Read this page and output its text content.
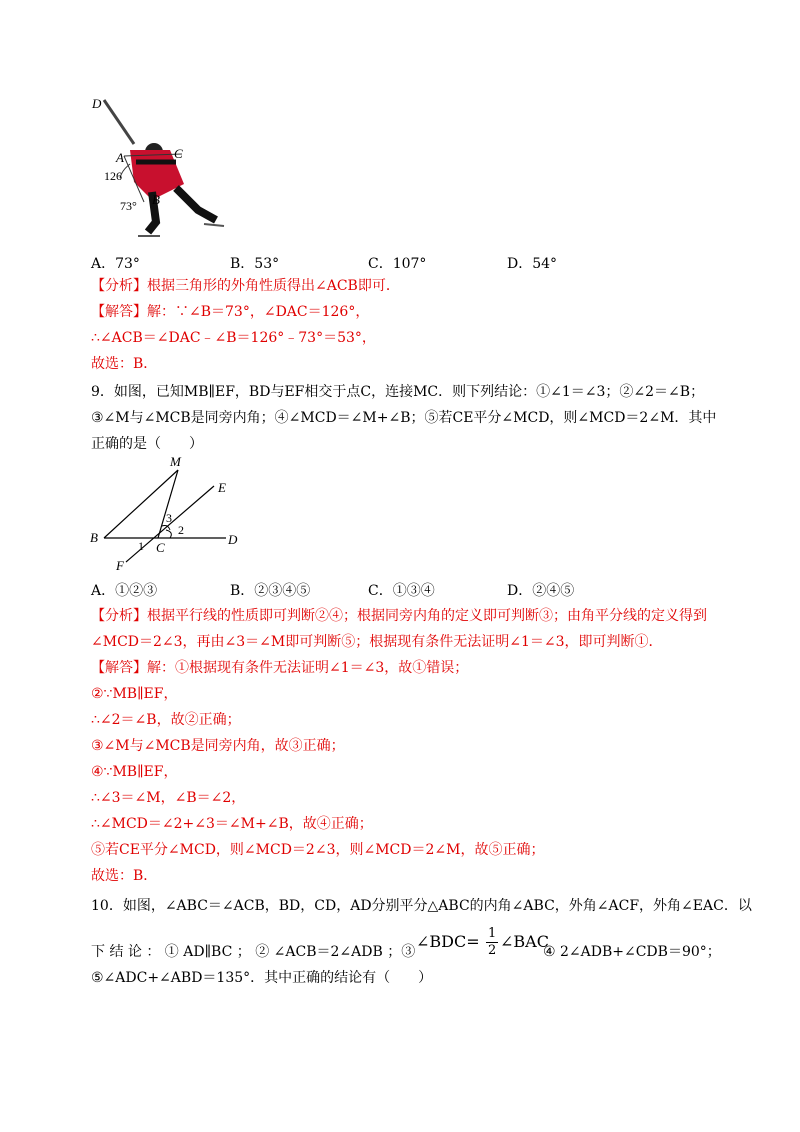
D
A	C
126
73° B
A．73°	B．53°	C．107°	D．54°
【分析】根据三角形的外角性质得出∠ACB即可．
【解答】解：∵∠B＝73°，∠DAC＝126°，
∴∠ACB＝∠DAC﹣∠B＝126°﹣73°＝53°，
故选：B．
9．如图，已知MB∥EF，BD与EF相交于点C，连接MC．则下列结论：①∠1＝∠3；②∠2＝∠B；
③∠M与∠MCB是同旁内角；④∠MCD＝∠M+∠B；⑤若CE平分∠MCD，则∠MCD＝2∠M．其中
正确的是（　　）
M
E
B	D
F
C
1
2
3
A．①②③	B．②③④⑤	C．①③④	D．②④⑤
【分析】根据平行线的性质即可判断②④；根据同旁内角的定义即可判断③；由角平分线的定义得到
∠MCD＝2∠3，再由∠3＝∠M即可判断⑤；根据现有条件无法证明∠1＝∠3，即可判断①．
【解答】解：①根据现有条件无法证明∠1＝∠3，故①错误；
②∵MB∥EF，
∴∠2＝∠B，故②正确；
③∠M与∠MCB是同旁内角，故③正确；
④∵MB∥EF，
∴∠3＝∠M，∠B＝∠2，
∴∠MCD＝∠2+∠3＝∠M+∠B，故④正确；
⑤若CE平分∠MCD，则∠MCD＝2∠3，则∠MCD＝2∠M，故⑤正确；
故选：B．
10．如图，∠ABC＝∠ACB，BD，CD，AD分别平分△ABC的内角∠ABC，外角∠ACF，外角∠EAC．以
下 结 论 ： ① AD∥BC ； ② ∠ACB＝2∠ADB ；③
∠BDC= 1
2 ∠BAC
④ 2∠ADB+∠CDB＝90°；
⑤∠ADC+∠ABD＝135°．其中正确的结论有（　　）
